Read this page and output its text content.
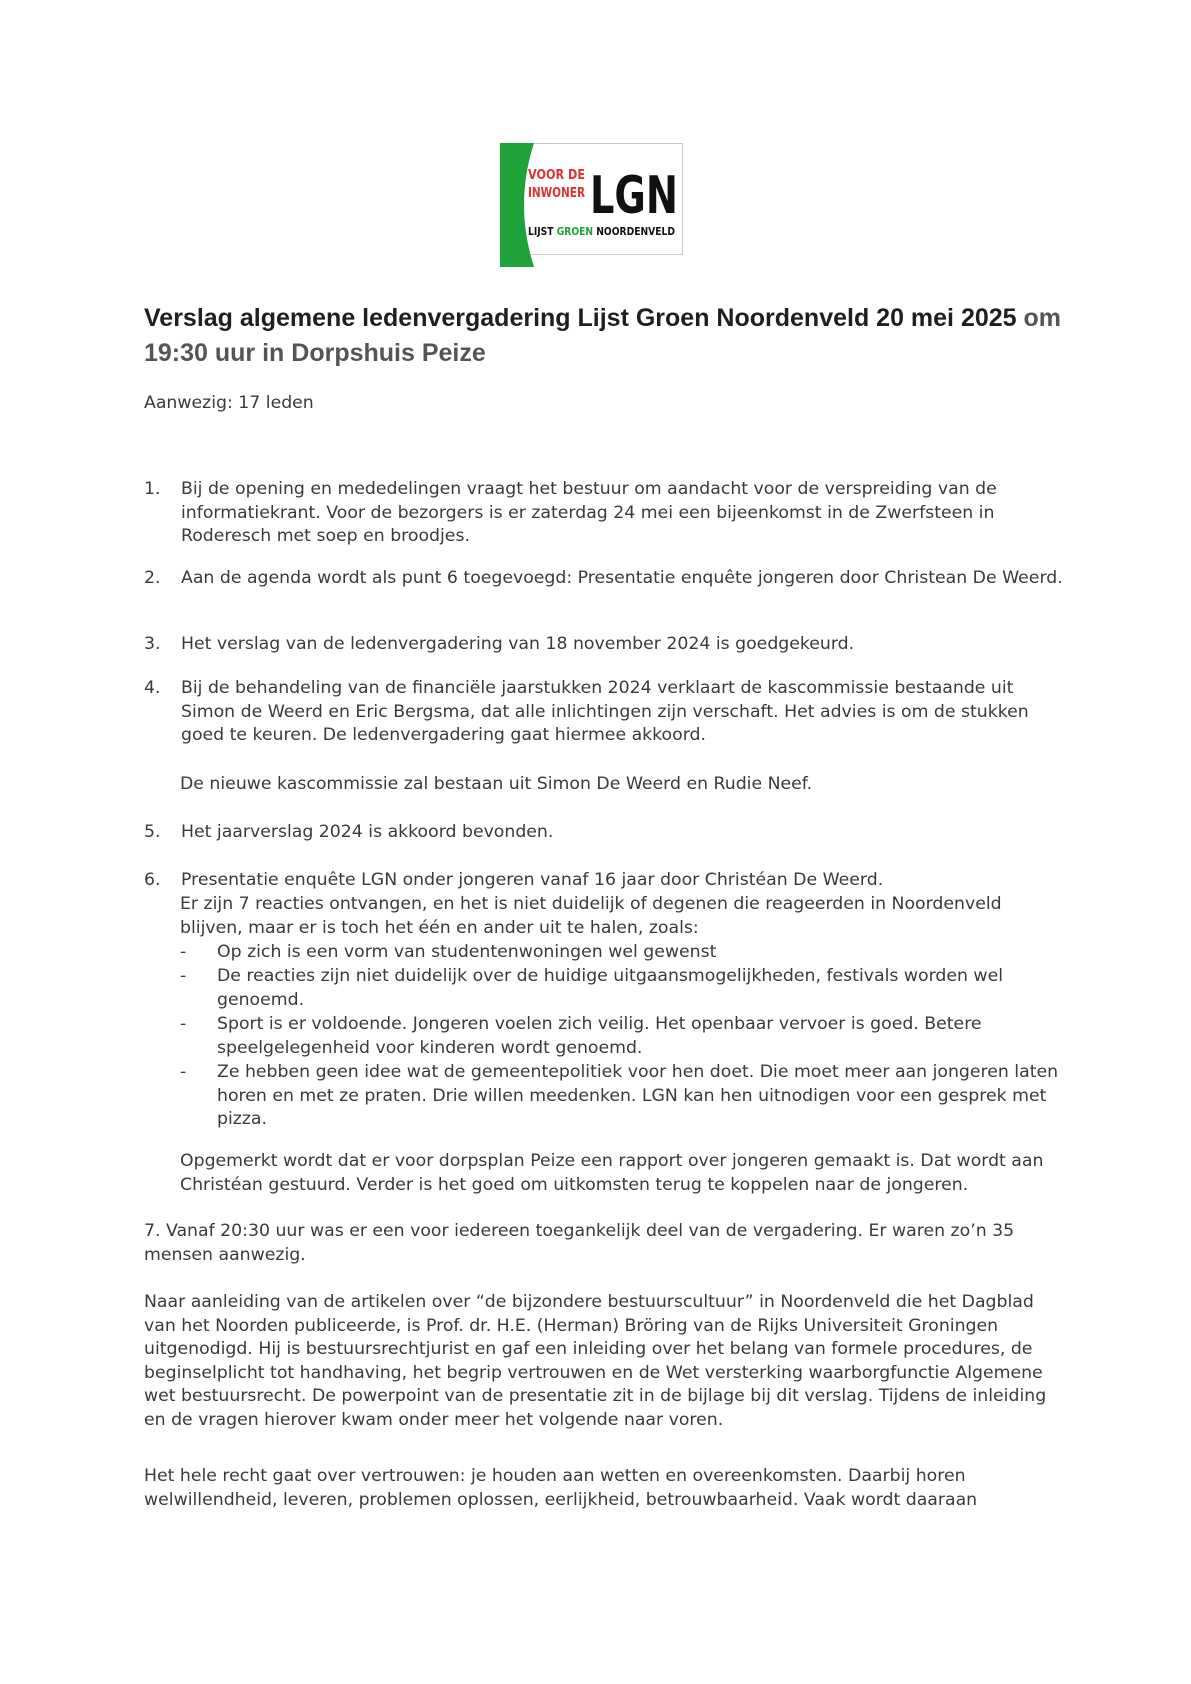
VOOR DE
INWONER LGN
LIJST GROEN NOORDENVELD
Verslag algemene ledenvergadering Lijst Groen Noordenveld 20 mei 2025 om 19:30 uur in Dorpshuis Peize

Aanwezig: 17 leden

1. Bij de opening en mededelingen vraagt het bestuur om aandacht voor de verspreiding van de informatiekrant. Voor de bezorgers is er zaterdag 24 mei een bijeenkomst in de Zwerfsteen in Roderesch met soep en broodjes.

2. Aan de agenda wordt als punt 6 toegevoegd: Presentatie enquête jongeren door Christean De Weerd.

3. Het verslag van de ledenvergadering van 18 november 2024 is goedgekeurd.

4. Bij de behandeling van de financiële jaarstukken 2024 verklaart de kascommissie bestaande uit Simon de Weerd en Eric Bergsma, dat alle inlichtingen zijn verschaft. Het advies is om de stukken goed te keuren. De ledenvergadering gaat hiermee akkoord.

De nieuwe kascommissie zal bestaan uit Simon De Weerd en Rudie Neef.

5. Het jaarverslag 2024 is akkoord bevonden.

6. Presentatie enquête LGN onder jongeren vanaf 16 jaar door Christéan De Weerd.

Er zijn 7 reacties ontvangen, en het is niet duidelijk of degenen die reageerden in Noordenveld blijven, maar er is toch het één en ander uit te halen, zoals:

- Op zich is een vorm van studentenwoningen wel gewenst

- De reacties zijn niet duidelijk over de huidige uitgaansmogelijkheden, festivals worden wel genoemd.

- Sport is er voldoende. Jongeren voelen zich veilig. Het openbaar vervoer is goed. Betere speelgelegenheid voor kinderen wordt genoemd.

- Ze hebben geen idee wat de gemeentepolitiek voor hen doet. Die moet meer aan jongeren laten horen en met ze praten. Drie willen meedenken. LGN kan hen uitnodigen voor een gesprek met pizza.

Opgemerkt wordt dat er voor dorpsplan Peize een rapport over jongeren gemaakt is. Dat wordt aan Christéan gestuurd. Verder is het goed om uitkomsten terug te koppelen naar de jongeren.

7. Vanaf 20:30 uur was er een voor iedereen toegankelijk deel van de vergadering. Er waren zo’n 35 mensen aanwezig.

Naar aanleiding van de artikelen over “de bijzondere bestuurscultuur” in Noordenveld die het Dagblad van het Noorden publiceerde, is Prof. dr. H.E. (Herman) Bröring van de Rijks Universiteit Groningen uitgenodigd. Hij is bestuursrechtjurist en gaf een inleiding over het belang van formele procedures, de beginselplicht tot handhaving, het begrip vertrouwen en de Wet versterking waarborgfunctie Algemene wet bestuursrecht. De powerpoint van de presentatie zit in de bijlage bij dit verslag. Tijdens de inleiding en de vragen hierover kwam onder meer het volgende naar voren.

Het hele recht gaat over vertrouwen: je houden aan wetten en overeenkomsten. Daarbij horen welwillendheid, leveren, problemen oplossen, eerlijkheid, betrouwbaarheid. Vaak wordt daaraan
